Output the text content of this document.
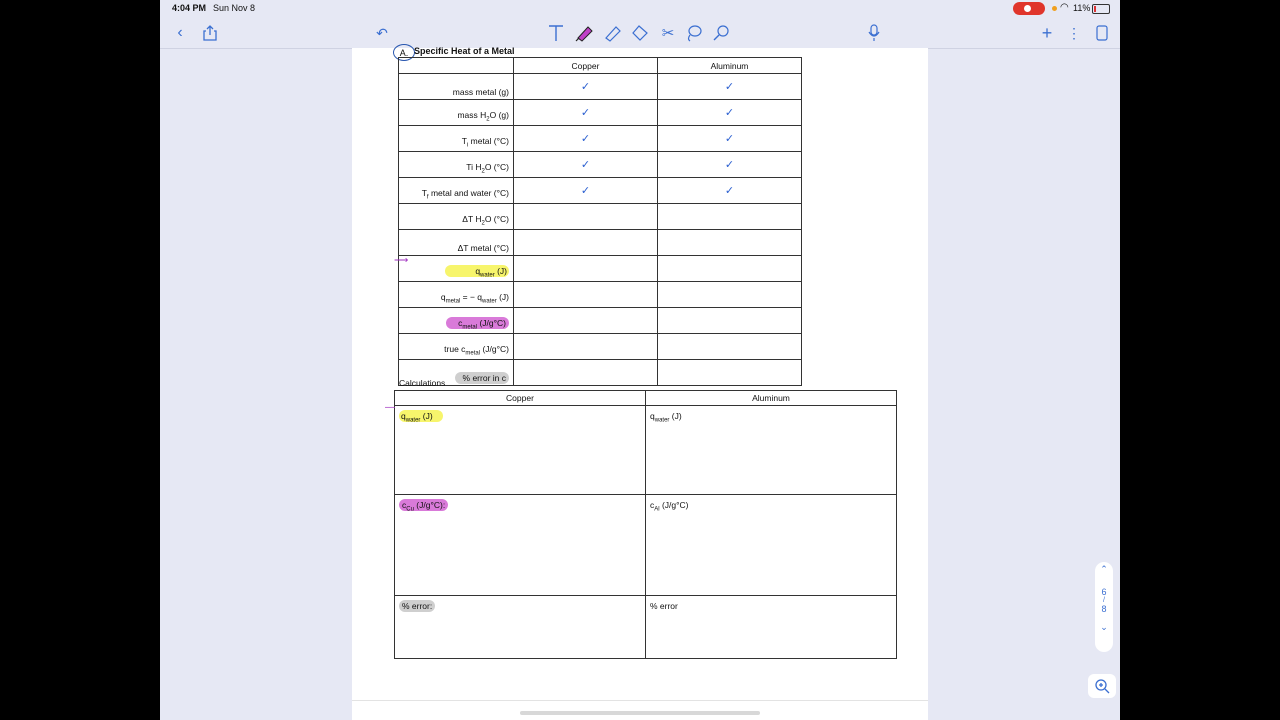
4:04 PM Sun Nov 8	◠ 11%
‹	↶	✂	+	⋮
A. Specific Heat of a Metal
	Copper	Aluminum
mass metal (g)	✓	✓
mass $H_2O$ (g)	✓	✓
$T_i$ metal (°C)	✓	✓
Ti $H_2O$ (°C)	✓	✓
$T_f$ metal and water (°C)	✓	✓
ΔT $H_2O$ (°C)		
ΔT metal (°C)		
$q_{water}$ (J)		
$q_{metal}$ = − $q_{water}$ (J)		
$c_{metal}$ (J/g°C)		
true $c_{metal}$ (J/g°C)		
% error in c		
⟶
Calculations
Copper	Aluminum
$q_{water}$ (J)	$q_{water}$ (J)
$c_{Cu}$ (J/g°C):	$c_{Al}$ (J/g°C)
% error:	% error
—
⌃
6
/
8
⌄
